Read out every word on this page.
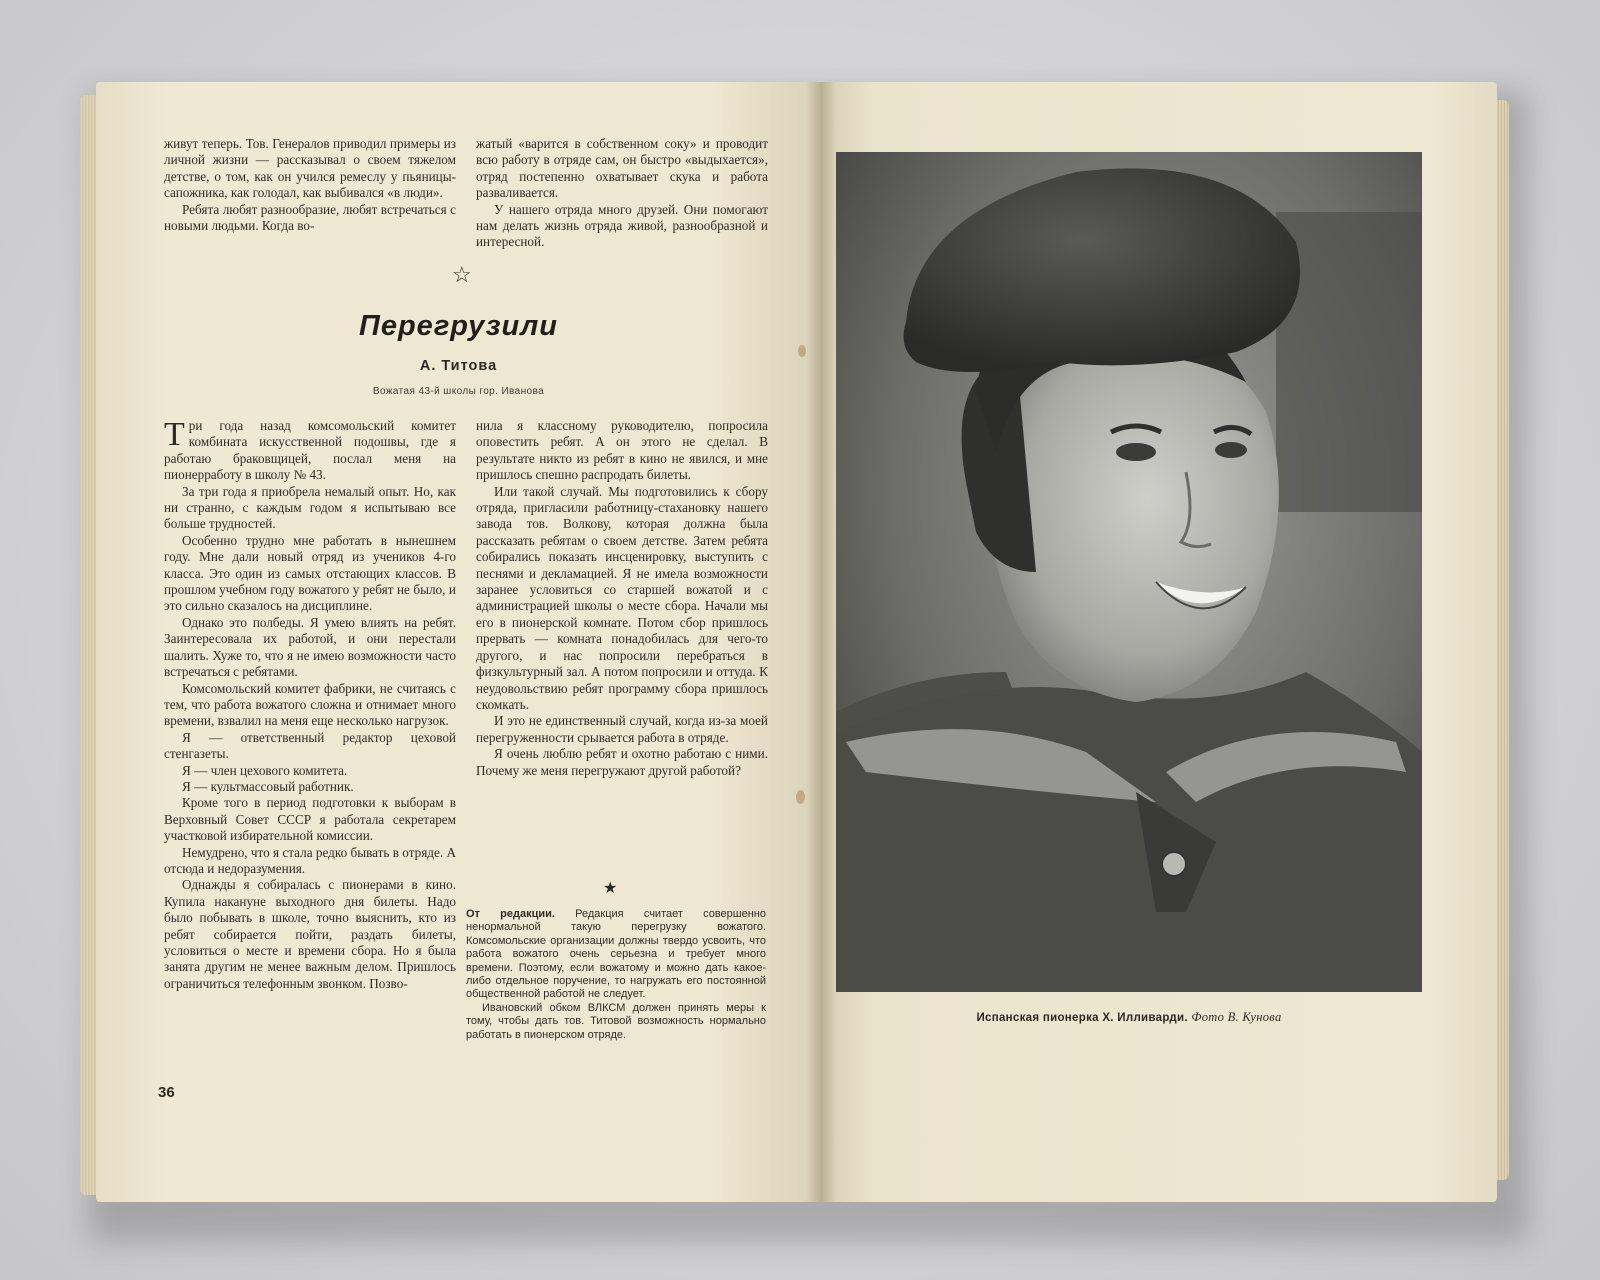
живут теперь. Тов. Генералов приводил примеры из личной жизни — рассказывал о своем тяжелом детстве, о том, как он учился ремеслу у пьяницы-сапожника, как голодал, как выбивался «в люди».

Ребята любят разнообразие, любят встречаться с новыми людьми. Когда во-

жатый «варится в собственном соку» и проводит всю работу в отряде сам, он быстро «выдыхается», отряд постепенно охватывает скука и работа разваливается.

У нашего отряда много друзей. Они помогают нам делать жизнь отряда живой, разнообразной и интересной.

☆
Перегрузили
А. Титова
Вожатая 43-й школы гор. Иванова

Три года назад комсомольский комитет комбината искусственной подошвы, где я работаю браковщицей, послал меня на пионерработу в школу № 43.

За три года я приобрела немалый опыт. Но, как ни странно, с каждым годом я испытываю все больше трудностей.

Особенно трудно мне работать в нынешнем году. Мне дали новый отряд из учеников 4-го класса. Это один из самых отстающих классов. В прошлом учебном году вожатого у ребят не было, и это сильно сказалось на дисциплине.

Однако это полбеды. Я умею влиять на ребят. Заинтересовала их работой, и они перестали шалить. Хуже то, что я не имею возможности часто встречаться с ребятами.

Комсомольский комитет фабрики, не считаясь с тем, что работа вожатого сложна и отнимает много времени, взвалил на меня еще несколько нагрузок.

Я — ответственный редактор цеховой стенгазеты.

Я — член цехового комитета.

Я — культмассовый работник.

Кроме того в период подготовки к выборам в Верховный Совет СССР я работала секретарем участковой избирательной комиссии.

Немудрено, что я стала редко бывать в отряде. А отсюда и недоразумения.

Однажды я собиралась с пионерами в кино. Купила накануне выходного дня билеты. Надо было побывать в школе, точно выяснить, кто из ребят собирается пойти, раздать билеты, условиться о месте и времени сбора. Но я была занята другим не менее важным делом. Пришлось ограничиться телефонным звонком. Позво-

нила я классному руководителю, попросила оповестить ребят. А он этого не сделал. В результате никто из ребят в кино не явился, и мне пришлось спешно распродать билеты.

Или такой случай. Мы подготовились к сбору отряда, пригласили работницу-стахановку нашего завода тов. Волкову, которая должна была рассказать ребятам о своем детстве. Затем ребята собирались показать инсценировку, выступить с песнями и декламацией. Я не имела возможности заранее условиться со старшей вожатой и с администрацией школы о месте сбора. Начали мы его в пионерской комнате. Потом сбор пришлось прервать — комната понадобилась для чего-то другого, и нас попросили перебраться в физкультурный зал. А потом попросили и оттуда. К неудовольствию ребят программу сбора пришлось скомкать.

И это не единственный случай, когда из-за моей перегруженности срывается работа в отряде.

Я очень люблю ребят и охотно работаю с ними. Почему же меня перегружают другой работой?

★

От редакции. Редакция считает совершенно ненормальной такую перегрузку вожатого. Комсомольские организации должны твердо усвоить, что работа вожатого очень серьезна и требует много времени. Поэтому, если вожатому и можно дать какое-либо отдельное поручение, то нагружать его постоянной общественной работой не следует.

Ивановский обком ВЛКСМ должен принять меры к тому, чтобы дать тов. Титовой возможность нормально работать в пионерском отряде.

36
Испанская пионерка Х. Илливарди. Фото В. Кунова
